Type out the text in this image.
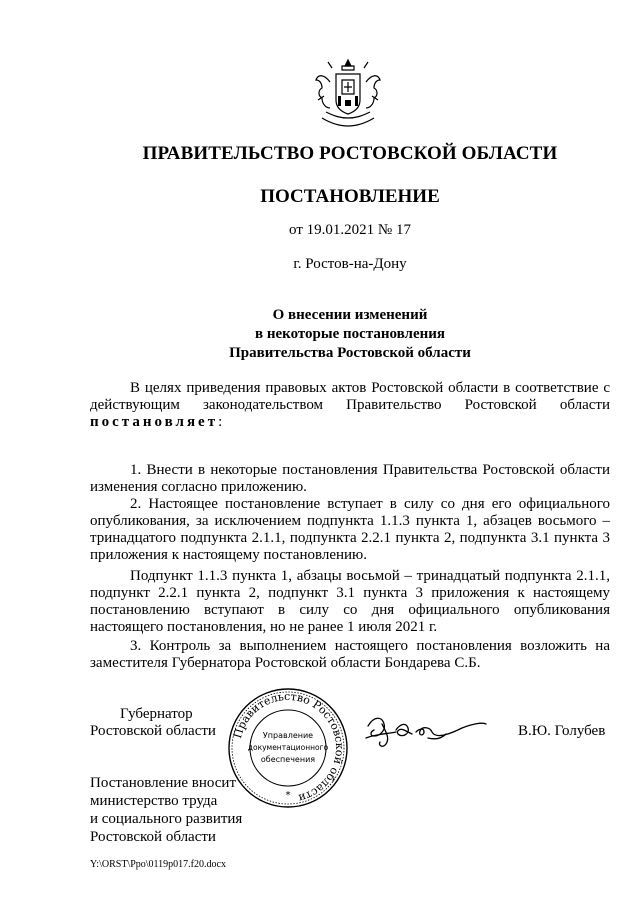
ПРАВИТЕЛЬСТВО РОСТОВСКОЙ ОБЛАСТИ
ПОСТАНОВЛЕНИЕ
от 19.01.2021 № 17
г. Ростов-на-Дону
О внесении изменений
в некоторые постановления
Правительства Ростовской области

В целях приведения правовых актов Ростовской области в соответствие с действующим законодательством Правительство Ростовской области постановляет:

1. Внести в некоторые постановления Правительства Ростовской области изменения согласно приложению.
2. Настоящее постановление вступает в силу со дня его официального опубликования, за исключением подпункта 1.1.3 пункта 1, абзацев восьмого – тринадцатого подпункта 2.1.1, подпункта 2.2.1 пункта 2, подпункта 3.1 пункта 3 приложения к настоящему постановлению.
Подпункт 1.1.3 пункта 1, абзацы восьмой – тринадцатый подпункта 2.1.1, подпункт 2.2.1 пункта 2, подпункт 3.1 пункта 3 приложения к настоящему постановлению вступают в силу со дня официального опубликования настоящего постановления, но не ранее 1 июля 2021 г.
3. Контроль за выполнением настоящего постановления возложить на заместителя Губернатора Ростовской области Бондарева С.Б.
Губернатор
Ростовской области	В.Ю. Голубев
Правительство Ростовской области
Управление
документационного
обеспечения
*
Постановление вносит
министерство труда
и социального развития
Ростовской области
Y:\ORST\Ppo\0119p017.f20.docx
